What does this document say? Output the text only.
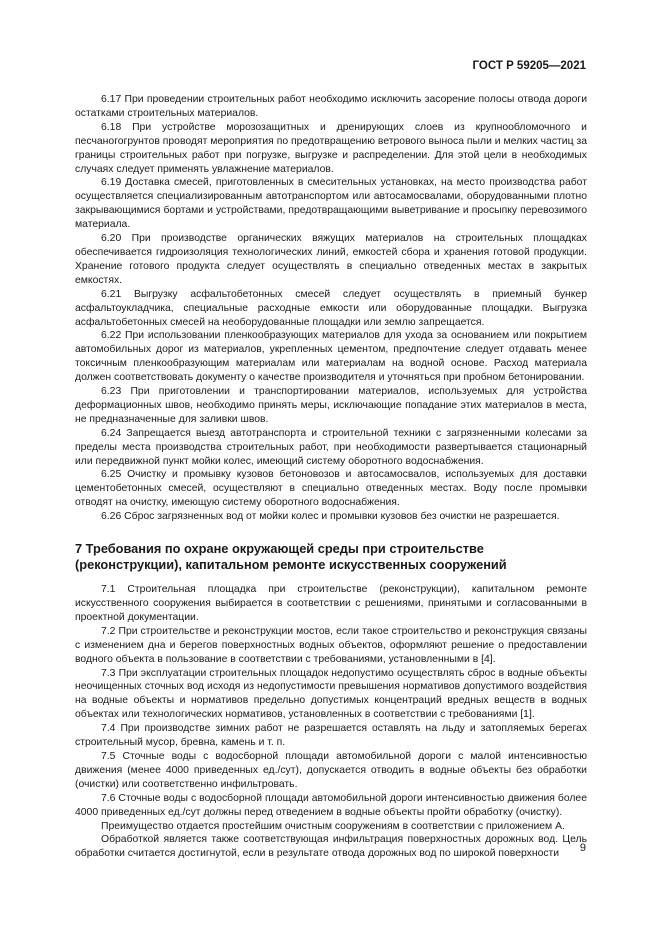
ГОСТ Р 59205—2021

6.17 При проведении строительных работ необходимо исключить засорение полосы отвода дороги остатками строительных материалов.

6.18 При устройстве морозозащитных и дренирующих слоев из крупнообломочного и песчаногогрунтов проводят мероприятия по предотвращению ветрового выноса пыли и мелких частиц за границы строительных работ при погрузке, выгрузке и распределении. Для этой цели в необходимых случаях следует применять увлажнение материалов.

6.19 Доставка смесей, приготовленных в смесительных установках, на место производства работ осуществляется специализированным автотранспортом или автосамосвалами, оборудованными плотно закрывающимися бортами и устройствами, предотвращающими выветривание и просыпку перевозимого материала.

6.20 При производстве органических вяжущих материалов на строительных площадках обеспечивается гидроизоляция технологических линий, емкостей сбора и хранения готовой продукции. Хранение готового продукта следует осуществлять в специально отведенных местах в закрытых емкостях.

6.21 Выгрузку асфальтобетонных смесей следует осуществлять в приемный бункер асфальтоукладчика, специальные расходные емкости или оборудованные площадки. Выгрузка асфальтобетонных смесей на необорудованные площадки или землю запрещается.

6.22 При использовании пленкообразующих материалов для ухода за основанием или покрытием автомобильных дорог из материалов, укрепленных цементом, предпочтение следует отдавать менее токсичным пленкообразующим материалам или материалам на водной основе. Расход материала должен соответствовать документу о качестве производителя и уточняться при пробном бетонировании.

6.23 При приготовлении и транспортировании материалов, используемых для устройства деформационных швов, необходимо принять меры, исключающие попадание этих материалов в места, не предназначенные для заливки швов.

6.24 Запрещается выезд автотранспорта и строительной техники с загрязненными колесами за пределы места производства строительных работ, при необходимости развертывается стационарный или передвижной пункт мойки колес, имеющий систему оборотного водоснабжения.

6.25 Очистку и промывку кузовов бетоновозов и автосамосвалов, используемых для доставки цементобетонных смесей, осуществляют в специально отведенных местах. Воду после промывки отводят на очистку, имеющую систему оборотного водоснабжения.

6.26 Сброс загрязненных вод от мойки колес и промывки кузовов без очистки не разрешается.

7 Требования по охране окружающей среды при строительстве
(реконструкции), капитальном ремонте искусственных сооружений

7.1 Строительная площадка при строительстве (реконструкции), капитальном ремонте искусственного сооружения выбирается в соответствии с решениями, принятыми и согласованными в проектной документации.

7.2 При строительстве и реконструкции мостов, если такое строительство и реконструкция связаны с изменением дна и берегов поверхностных водных объектов, оформляют решение о предоставлении водного объекта в пользование в соответствии с требованиями, установленными в [4].

7.3 При эксплуатации строительных площадок недопустимо осуществлять сброс в водные объекты неочищенных сточных вод исходя из недопустимости превышения нормативов допустимого воздействия на водные объекты и нормативов предельно допустимых концентраций вредных веществ в водных объектах или технологических нормативов, установленных в соответствии с требованиями [1].

7.4 При производстве зимних работ не разрешается оставлять на льду и затопляемых берегах строительный мусор, бревна, камень и т. п.

7.5 Сточные воды с водосборной площади автомобильной дороги с малой интенсивностью движения (менее 4000 приведенных ед./сут), допускается отводить в водные объекты без обработки (очистки) или соответственно инфильтровать.

7.6 Сточные воды с водосборной площади автомобильной дороги интенсивностью движения более 4000 приведенных ед./сут должны перед отведением в водные объекты пройти обработку (очистку).

Преимущество отдается простейшим очистным сооружениям в соответствии с приложением А.

Обработкой является также соответствующая инфильтрация поверхностных дорожных вод. Цель обработки считается достигнутой, если в результате отвода дорожных вод по широкой поверхности	9
